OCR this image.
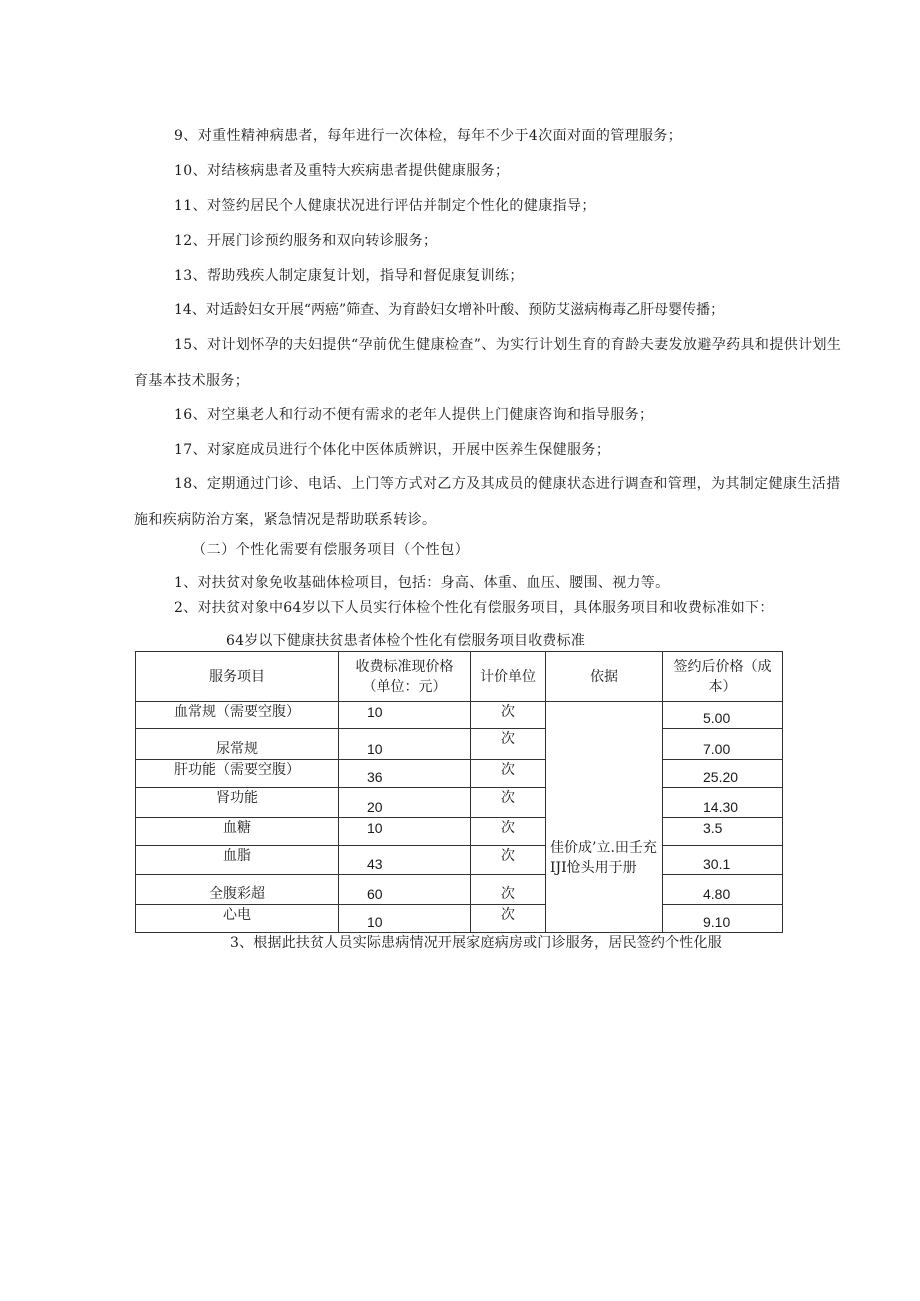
9、对重性精神病患者，每年进行一次体检，每年不少于4次面对面的管理服务；

10、对结核病患者及重特大疾病患者提供健康服务；

11、对签约居民个人健康状况进行评估并制定个性化的健康指导；

12、开展门诊预约服务和双向转诊服务；

13、帮助残疾人制定康复计划，指导和督促康复训练；

14、对适龄妇女开展“两癌”筛查、为育龄妇女增补叶酸、预防艾滋病梅毒乙肝母婴传播；

15、对计划怀孕的夫妇提供“孕前优生健康检查”、为实行计划生育的育龄夫妻发放避孕药具和提供计划生育基本技术服务；

16、对空巢老人和行动不便有需求的老年人提供上门健康咨询和指导服务；

17、对家庭成员进行个体化中医体质辨识，开展中医养生保健服务；

18、定期通过门诊、电话、上门等方式对乙方及其成员的健康状态进行调查和管理，为其制定健康生活措施和疾病防治方案，紧急情况是帮助联系转诊。

（二）个性化需要有偿服务项目（个性包）

1、对扶贫对象免收基础体检项目，包括：身高、体重、血压、腰围、视力等。

2、对扶贫对象中64岁以下人员实行体检个性化有偿服务项目，具体服务项目和收费标准如下：

64岁以下健康扶贫患者体检个性化有偿服务项目收费标准

服务项目	收费标准现价格（单位：元）	计价单位	依据	签约后价格（成本）
血常规（需要空腹）	10	次	佳价成’立.田壬充IJI怆头用于册	5.00
尿常规	10	次		7.00
肝功能（需要空腹）	36	次		25.20
肾功能	20	次		14.30
血糖	10	次		3.5
血脂	43	次		30.1
全腹彩超	60	次		4.80
心电	10	次		9.10

3、根据此扶贫人员实际患病情况开展家庭病房或门诊服务，居民签约个性化服
